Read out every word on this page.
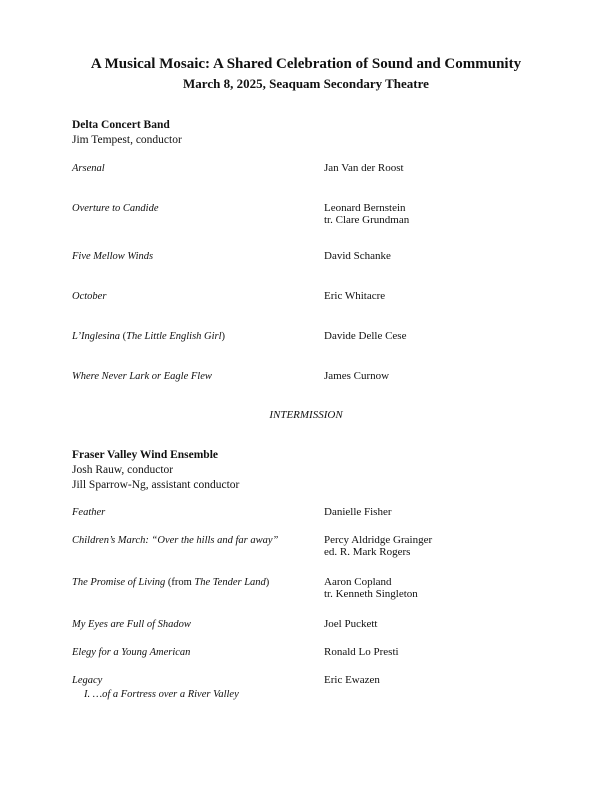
A Musical Mosaic: A Shared Celebration of Sound and Community
March 8, 2025, Seaquam Secondary Theatre
Delta Concert Band
Jim Tempest, conductor
Arsenal	Jan Van der Roost
Overture to Candide	Leonard Bernstein
tr. Clare Grundman
Five Mellow Winds	David Schanke
October	Eric Whitacre
L’Inglesina (The Little English Girl)	Davide Delle Cese
Where Never Lark or Eagle Flew	James Curnow
INTERMISSION
Fraser Valley Wind Ensemble
Josh Rauw, conductor
Jill Sparrow-Ng, assistant conductor
Feather	Danielle Fisher
Children’s March: “Over the hills and far away”	Percy Aldridge Grainger
ed. R. Mark Rogers
The Promise of Living (from The Tender Land)	Aaron Copland
tr. Kenneth Singleton
My Eyes are Full of Shadow	Joel Puckett
Elegy for a Young American	Ronald Lo Presti
Legacy	Eric Ewazen
I. …of a Fortress over a River Valley
